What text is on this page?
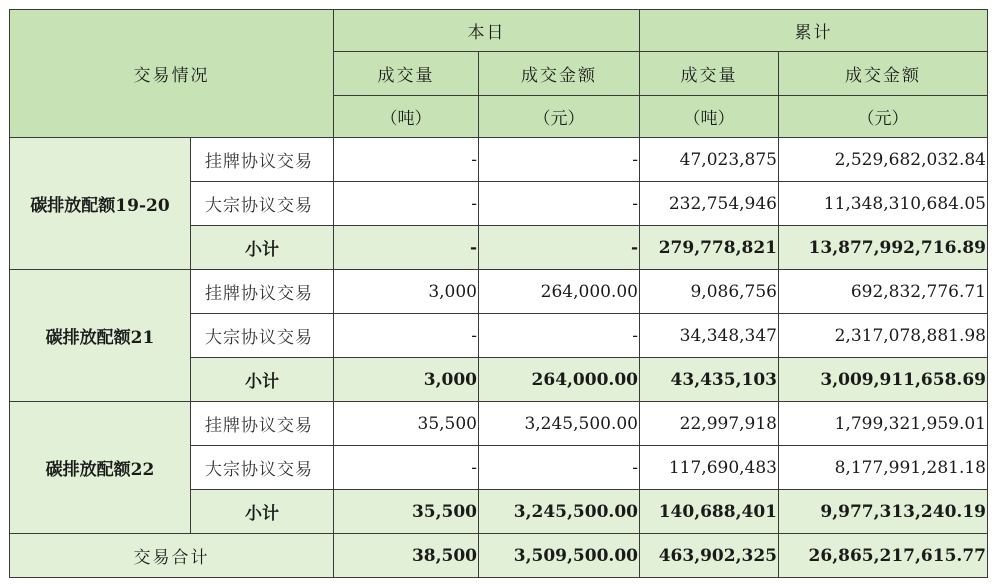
交易情况		本日		累计	
		成交量	成交金额	成交量	成交金额
		（吨）	（元）	（吨）	（元）
碳排放配额19-20	挂牌协议交易	-	-	47,023,875	2,529,682,032.84
	大宗协议交易	-	-	232,754,946	11,348,310,684.05
	小计	-	-	279,778,821	13,877,992,716.89
碳排放配额21	挂牌协议交易	3,000	264,000.00	9,086,756	692,832,776.71
	大宗协议交易	-	-	34,348,347	2,317,078,881.98
	小计	3,000	264,000.00	43,435,103	3,009,911,658.69
碳排放配额22	挂牌协议交易	35,500	3,245,500.00	22,997,918	1,799,321,959.01
	大宗协议交易	-	-	117,690,483	8,177,991,281.18
	小计	35,500	3,245,500.00	140,688,401	9,977,313,240.19
交易合计		38,500	3,509,500.00	463,902,325	26,865,217,615.77
